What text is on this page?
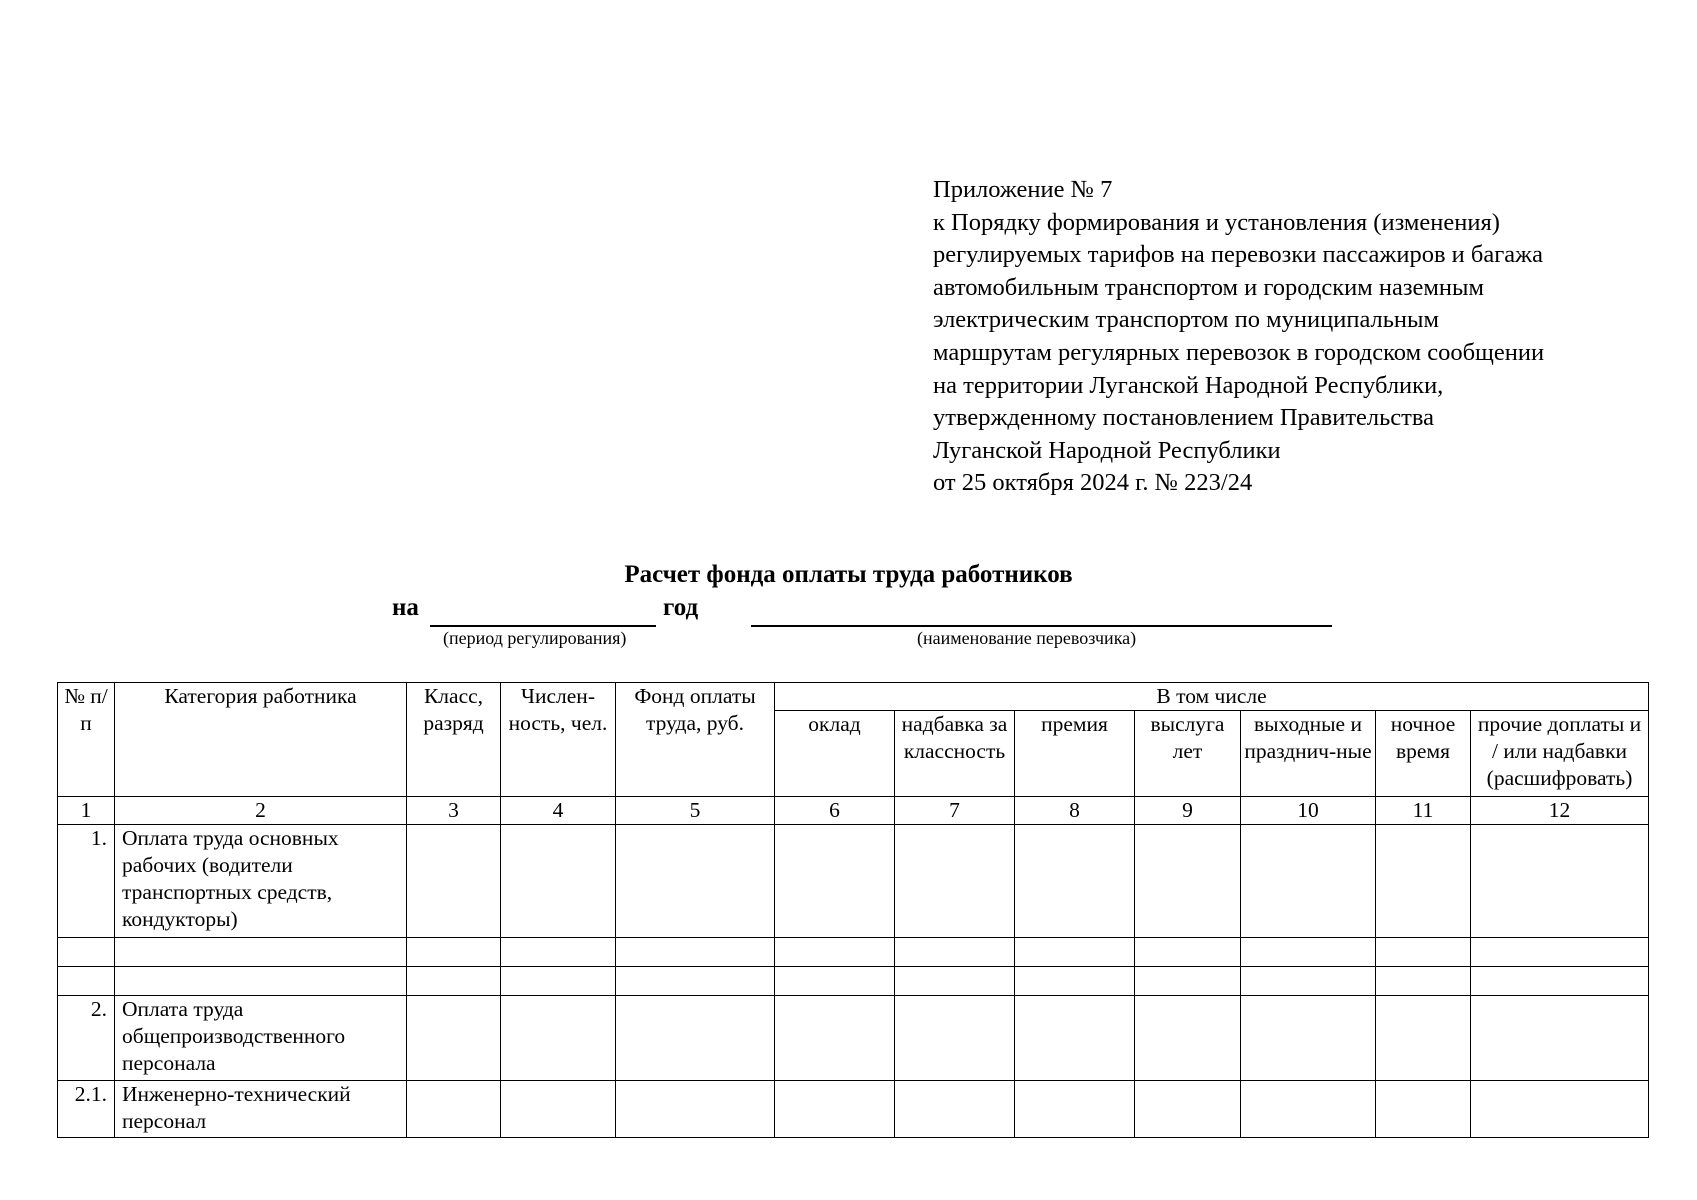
Приложение № 7
к Порядку формирования и установления (изменения)
регулируемых тарифов на перевозки пассажиров и багажа
автомобильным транспортом и городским наземным
электрическим транспортом по муниципальным
маршрутам регулярных перевозок в городском сообщении
на территории Луганской Народной Республики,
утвержденному постановлением Правительства
Луганской Народной Республики
от 25 октября 2024 г. № 223/24
Расчет фонда оплаты труда работников
на	год
(период регулирования)	(наименование перевозчика)
№ п/п	Категория работника	Класс, разряд	Числен-ность, чел.	Фонд оплаты труда, руб.	В том числе						
					оклад	надбавка за классность	премия	выслуга лет	выходные и празднич-ные	ночное время	прочие доплаты и / или надбавки (расшифровать)
1	2	3	4	5	6	7	8	9	10	11	12
1.	Оплата труда основных рабочих (водители транспортных средств, кондукторы)										

2.	Оплата труда общепроизводственного персонала										
2.1.	Инженерно-технический персонал										
